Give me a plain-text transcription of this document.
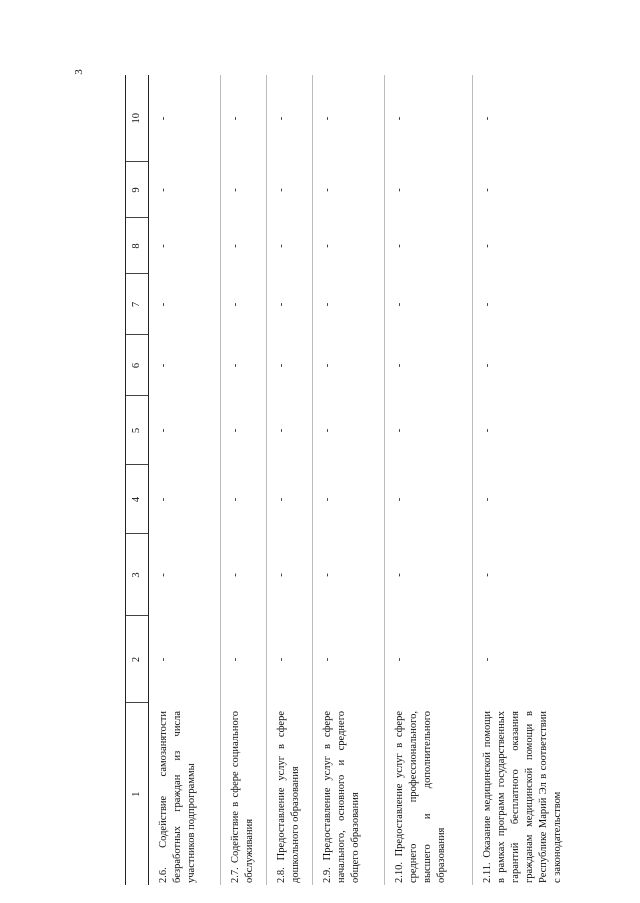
3
1	2	3	4	5	6	7	8	9	10
2.6. Содействие самозанятости безработных граждан из числа участников подпрограммы	-	-	-	-	-	-	-	-	-
2.7. Содействие в сфере социального обслуживания	-	-	-	-	-	-	-	-	-
2.8. Предоставление услуг в сфере дошкольного образования	-	-	-	-	-	-	-	-	-
2.9. Предоставление услуг в сфере начального, основного и среднего общего образования	-	-	-	-	-	-	-	-	-
2.10. Предоставление услуг в сфере среднего профессионального, высшего и дополнительного образования	-	-	-	-	-	-	-	-	-
2.11. Оказание медицинской помощи в рамках программ государственных гарантий бесплатного оказания гражданам медицинской помощи в Республике Марий Эл в соответствии с законодательством	-	-	-	-	-	-	-	-	-
